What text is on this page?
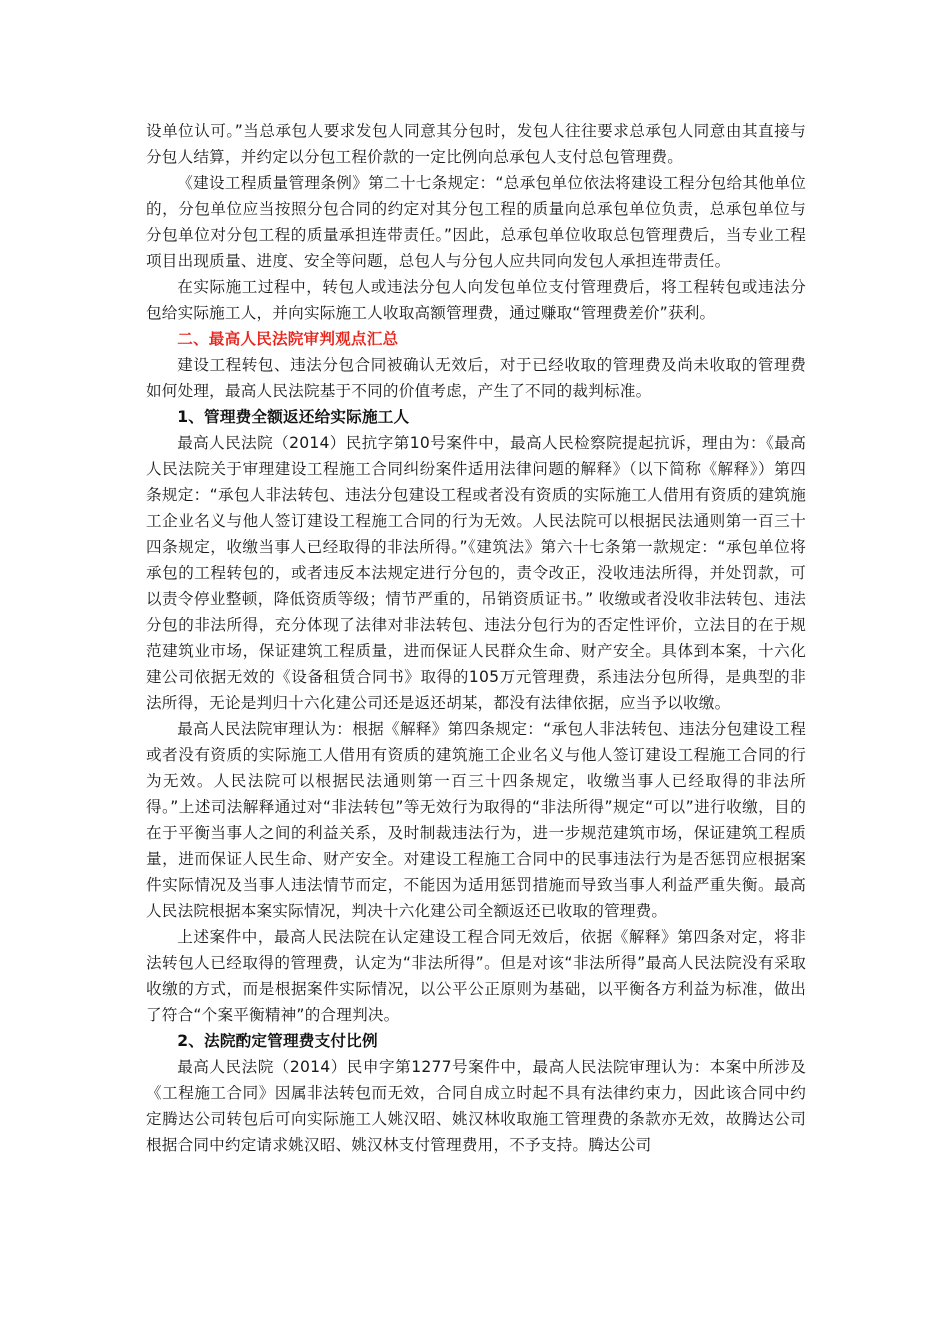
设单位认可。”当总承包人要求发包人同意其分包时，发包人往往要求总承包人同意由其直接与分包人结算，并约定以分包工程价款的一定比例向总承包人支付总包管理费。

《建设工程质量管理条例》第二十七条规定：“总承包单位依法将建设工程分包给其他单位的，分包单位应当按照分包合同的约定对其分包工程的质量向总承包单位负责，总承包单位与分包单位对分包工程的质量承担连带责任。”因此，总承包单位收取总包管理费后，当专业工程项目出现质量、进度、安全等问题，总包人与分包人应共同向发包人承担连带责任。

在实际施工过程中，转包人或违法分包人向发包单位支付管理费后，将工程转包或违法分包给实际施工人，并向实际施工人收取高额管理费，通过赚取“管理费差价”获利。

二、最高人民法院审判观点汇总

建设工程转包、违法分包合同被确认无效后，对于已经收取的管理费及尚未收取的管理费如何处理，最高人民法院基于不同的价值考虑，产生了不同的裁判标准。

1、管理费全额返还给实际施工人

最高人民法院（2014）民抗字第10号案件中，最高人民检察院提起抗诉，理由为：《最高人民法院关于审理建设工程施工合同纠纷案件适用法律问题的解释》（以下简称《解释》）第四条规定：“承包人非法转包、违法分包建设工程或者没有资质的实际施工人借用有资质的建筑施工企业名义与他人签订建设工程施工合同的行为无效。人民法院可以根据民法通则第一百三十四条规定，收缴当事人已经取得的非法所得。”《建筑法》第六十七条第一款规定：“承包单位将承包的工程转包的，或者违反本法规定进行分包的，责令改正，没收违法所得，并处罚款，可以责令停业整顿，降低资质等级；情节严重的，吊销资质证书。” 收缴或者没收非法转包、违法分包的非法所得，充分体现了法律对非法转包、违法分包行为的否定性评价，立法目的在于规范建筑业市场，保证建筑工程质量，进而保证人民群众生命、财产安全。具体到本案，十六化建公司依据无效的《设备租赁合同书》取得的105万元管理费，系违法分包所得，是典型的非法所得，无论是判归十六化建公司还是返还胡某，都没有法律依据，应当予以收缴。

最高人民法院审理认为：根据《解释》第四条规定：“承包人非法转包、违法分包建设工程或者没有资质的实际施工人借用有资质的建筑施工企业名义与他人签订建设工程施工合同的行为无效。人民法院可以根据民法通则第一百三十四条规定，收缴当事人已经取得的非法所得。”上述司法解释通过对“非法转包”等无效行为取得的“非法所得”规定“可以”进行收缴，目的在于平衡当事人之间的利益关系，及时制裁违法行为，进一步规范建筑市场，保证建筑工程质量，进而保证人民生命、财产安全。对建设工程施工合同中的民事违法行为是否惩罚应根据案件实际情况及当事人违法情节而定，不能因为适用惩罚措施而导致当事人利益严重失衡。最高人民法院根据本案实际情况，判决十六化建公司全额返还已收取的管理费。

上述案件中，最高人民法院在认定建设工程合同无效后，依据《解释》第四条对定，将非法转包人已经取得的管理费，认定为“非法所得”。但是对该“非法所得”最高人民法院没有采取收缴的方式，而是根据案件实际情况，以公平公正原则为基础，以平衡各方利益为标准，做出了符合“个案平衡精神”的合理判决。

2、法院酌定管理费支付比例

最高人民法院（2014）民申字第1277号案件中，最高人民法院审理认为：本案中所涉及《工程施工合同》因属非法转包而无效，合同自成立时起不具有法律约束力，因此该合同中约定腾达公司转包后可向实际施工人姚汉昭、姚汉林收取施工管理费的条款亦无效，故腾达公司根据合同中约定请求姚汉昭、姚汉林支付管理费用，不予支持。腾达公司
